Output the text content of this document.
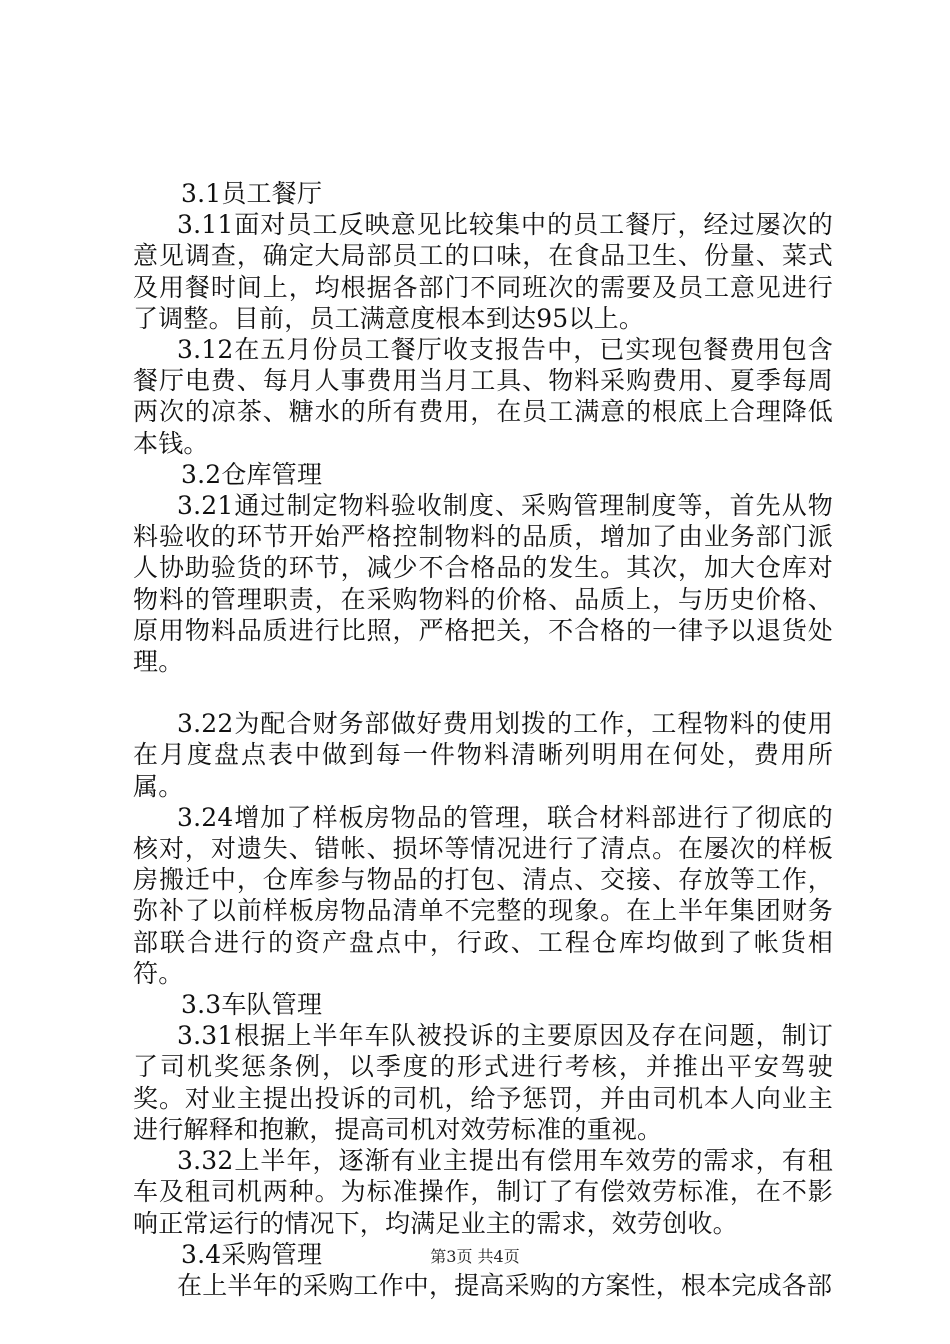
3.1员工餐厅

3.11面对员工反映意见比较集中的员工餐厅，经过屡次的意见调查，确定大局部员工的口味，在食品卫生、份量、菜式及用餐时间上，均根据各部门不同班次的需要及员工意见进行了调整。目前，员工满意度根本到达95以上。

3.12在五月份员工餐厅收支报告中，已实现包餐费用包含餐厅电费、每月人事费用当月工具、物料采购费用、夏季每周两次的凉茶、糖水的所有费用，在员工满意的根底上合理降低本钱。

3.2仓库管理

3.21通过制定物料验收制度、采购管理制度等，首先从物料验收的环节开始严格控制物料的品质，增加了由业务部门派人协助验货的环节，减少不合格品的发生。其次，加大仓库对物料的管理职责，在采购物料的价格、品质上，与历史价格、原用物料品质进行比照，严格把关，不合格的一律予以退货处理。

3.22为配合财务部做好费用划拨的工作，工程物料的使用在月度盘点表中做到每一件物料清晰列明用在何处，费用所属。

3.24增加了样板房物品的管理，联合材料部进行了彻底的核对，对遗失、错帐、损坏等情况进行了清点。在屡次的样板房搬迁中，仓库参与物品的打包、清点、交接、存放等工作，弥补了以前样板房物品清单不完整的现象。在上半年集团财务部联合进行的资产盘点中，行政、工程仓库均做到了帐货相符。

3.3车队管理

3.31根据上半年车队被投诉的主要原因及存在问题，制订了司机奖惩条例，以季度的形式进行考核，并推出平安驾驶奖。对业主提出投诉的司机，给予惩罚，并由司机本人向业主进行解释和抱歉，提高司机对效劳标准的重视。

3.32上半年，逐渐有业主提出有偿用车效劳的需求，有租车及租司机两种。为标准操作，制订了有偿效劳标准，在不影响正常运行的情况下，均满足业主的需求，效劳创收。

3.4采购管理

在上半年的采购工作中，提高采购的方案性，根本完成各部

第3页 共4页
